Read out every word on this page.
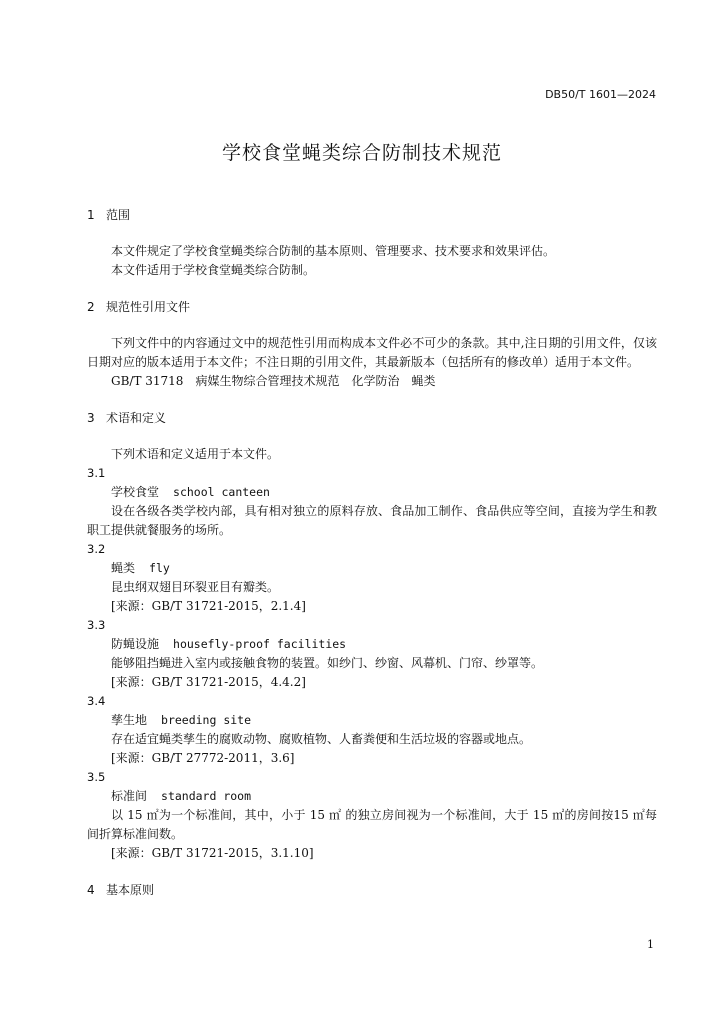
DB50/T 1601—2024
学校食堂蝇类综合防制技术规范
1 范围

本文件规定了学校食堂蝇类综合防制的基本原则、管理要求、技术要求和效果评估。

本文件适用于学校食堂蝇类综合防制。

2 规范性引用文件

下列文件中的内容通过文中的规范性引用而构成本文件必不可少的条款。其中,注日期的引用文件，仅该日期对应的版本适用于本文件；不注日期的引用文件，其最新版本（包括所有的修改单）适用于本文件。

GB/T 31718　病媒生物综合管理技术规范　化学防治　蝇类

3 术语和定义

下列术语和定义适用于本文件。

3.1
学校食堂 school canteen

设在各级各类学校内部，具有相对独立的原料存放、食品加工制作、食品供应等空间，直接为学生和教职工提供就餐服务的场所。

3.2
蝇类 fly

昆虫纲双翅目环裂亚目有瓣类。

[来源：GB/T 31721-2015，2.1.4]

3.3
防蝇设施 housefly-proof facilities

能够阻挡蝇进入室内或接触食物的装置。如纱门、纱窗、风幕机、门帘、纱罩等。

[来源：GB/T 31721-2015，4.4.2]

3.4
孳生地 breeding site

存在适宜蝇类孳生的腐败动物、腐败植物、人畜粪便和生活垃圾的容器或地点。

[来源：GB/T 27772-2011，3.6]

3.5
标准间 standard room

以 15 ㎡为一个标准间，其中，小于 15 ㎡ 的独立房间视为一个标准间，大于 15 ㎡的房间按15 ㎡每间折算标准间数。

[来源：GB/T 31721-2015，3.1.10]

4 基本原则
1
